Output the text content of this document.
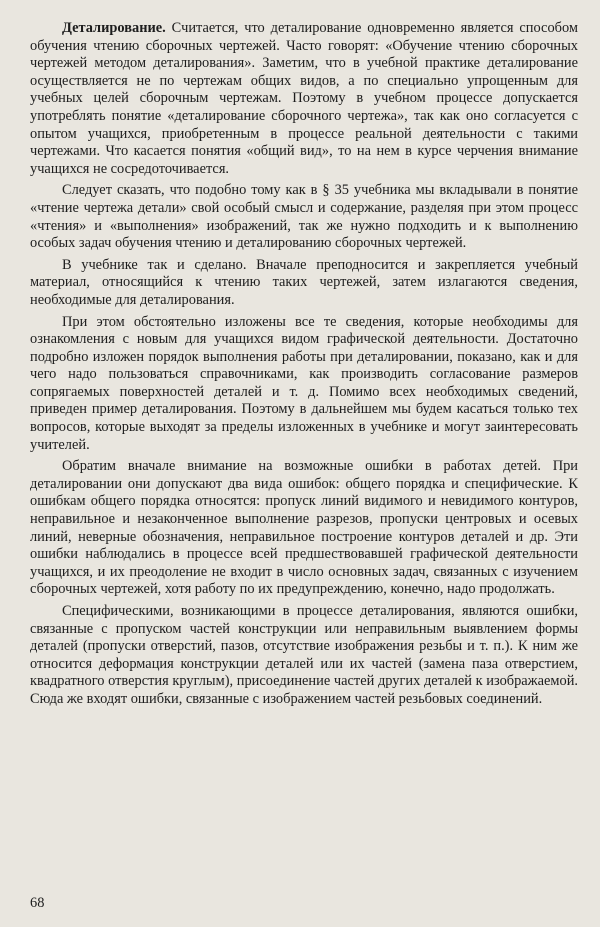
Деталирование. Считается, что деталирование одновременно является способом обучения чтению сборочных чертежей. Часто говорят: «Обучение чтению сборочных чертежей методом деталирования». Заметим, что в учебной практике деталирование осуществляется не по чертежам общих видов, а по специально упрощенным для учебных целей сборочным чертежам. Поэтому в учебном процессе допускается употреблять понятие «деталирование сборочного чертежа», так как оно согласуется с опытом учащихся, приобретенным в процессе реальной деятельности с такими чертежами. Что касается понятия «общий вид», то на нем в курсе черчения внимание учащихся не сосредоточивается.

Следует сказать, что подобно тому как в § 35 учебника мы вкладывали в понятие «чтение чертежа детали» свой особый смысл и содержание, разделяя при этом процесс «чтения» и «выполнения» изображений, так же нужно подходить и к выполнению особых задач обучения чтению и деталированию сборочных чертежей.

В учебнике так и сделано. Вначале преподносится и закрепляется учебный материал, относящийся к чтению таких чертежей, затем излагаются сведения, необходимые для деталирования.

При этом обстоятельно изложены все те сведения, которые необходимы для ознакомления с новым для учащихся видом графической деятельности. Достаточно подробно изложен порядок выполнения работы при деталировании, показано, как и для чего надо пользоваться справочниками, как производить согласование размеров сопрягаемых поверхностей деталей и т. д. Помимо всех необходимых сведений, приведен пример деталирования. Поэтому в дальнейшем мы будем касаться только тех вопросов, которые выходят за пределы изложенных в учебнике и могут заинтересовать учителей.

Обратим вначале внимание на возможные ошибки в работах детей. При деталировании они допускают два вида ошибок: общего порядка и специфические. К ошибкам общего порядка относятся: пропуск линий видимого и невидимого контуров, неправильное и незаконченное выполнение разрезов, пропуски центровых и осевых линий, неверные обозначения, неправильное построение контуров деталей и др. Эти ошибки наблюдались в процессе всей предшествовавшей графической деятельности учащихся, и их преодоление не входит в число основных задач, связанных с изучением сборочных чертежей, хотя работу по их предупреждению, конечно, надо продолжать.

Специфическими, возникающими в процессе деталирования, являются ошибки, связанные с пропуском частей конструкции или неправильным выявлением формы деталей (пропуски отверстий, пазов, отсутствие изображения резьбы и т. п.). К ним же относится деформация конструкции деталей или их частей (замена паза отверстием, квадратного отверстия круглым), присоединение частей других деталей к изображаемой. Сюда же входят ошибки, связанные с изображением частей резьбовых соединений.

68
